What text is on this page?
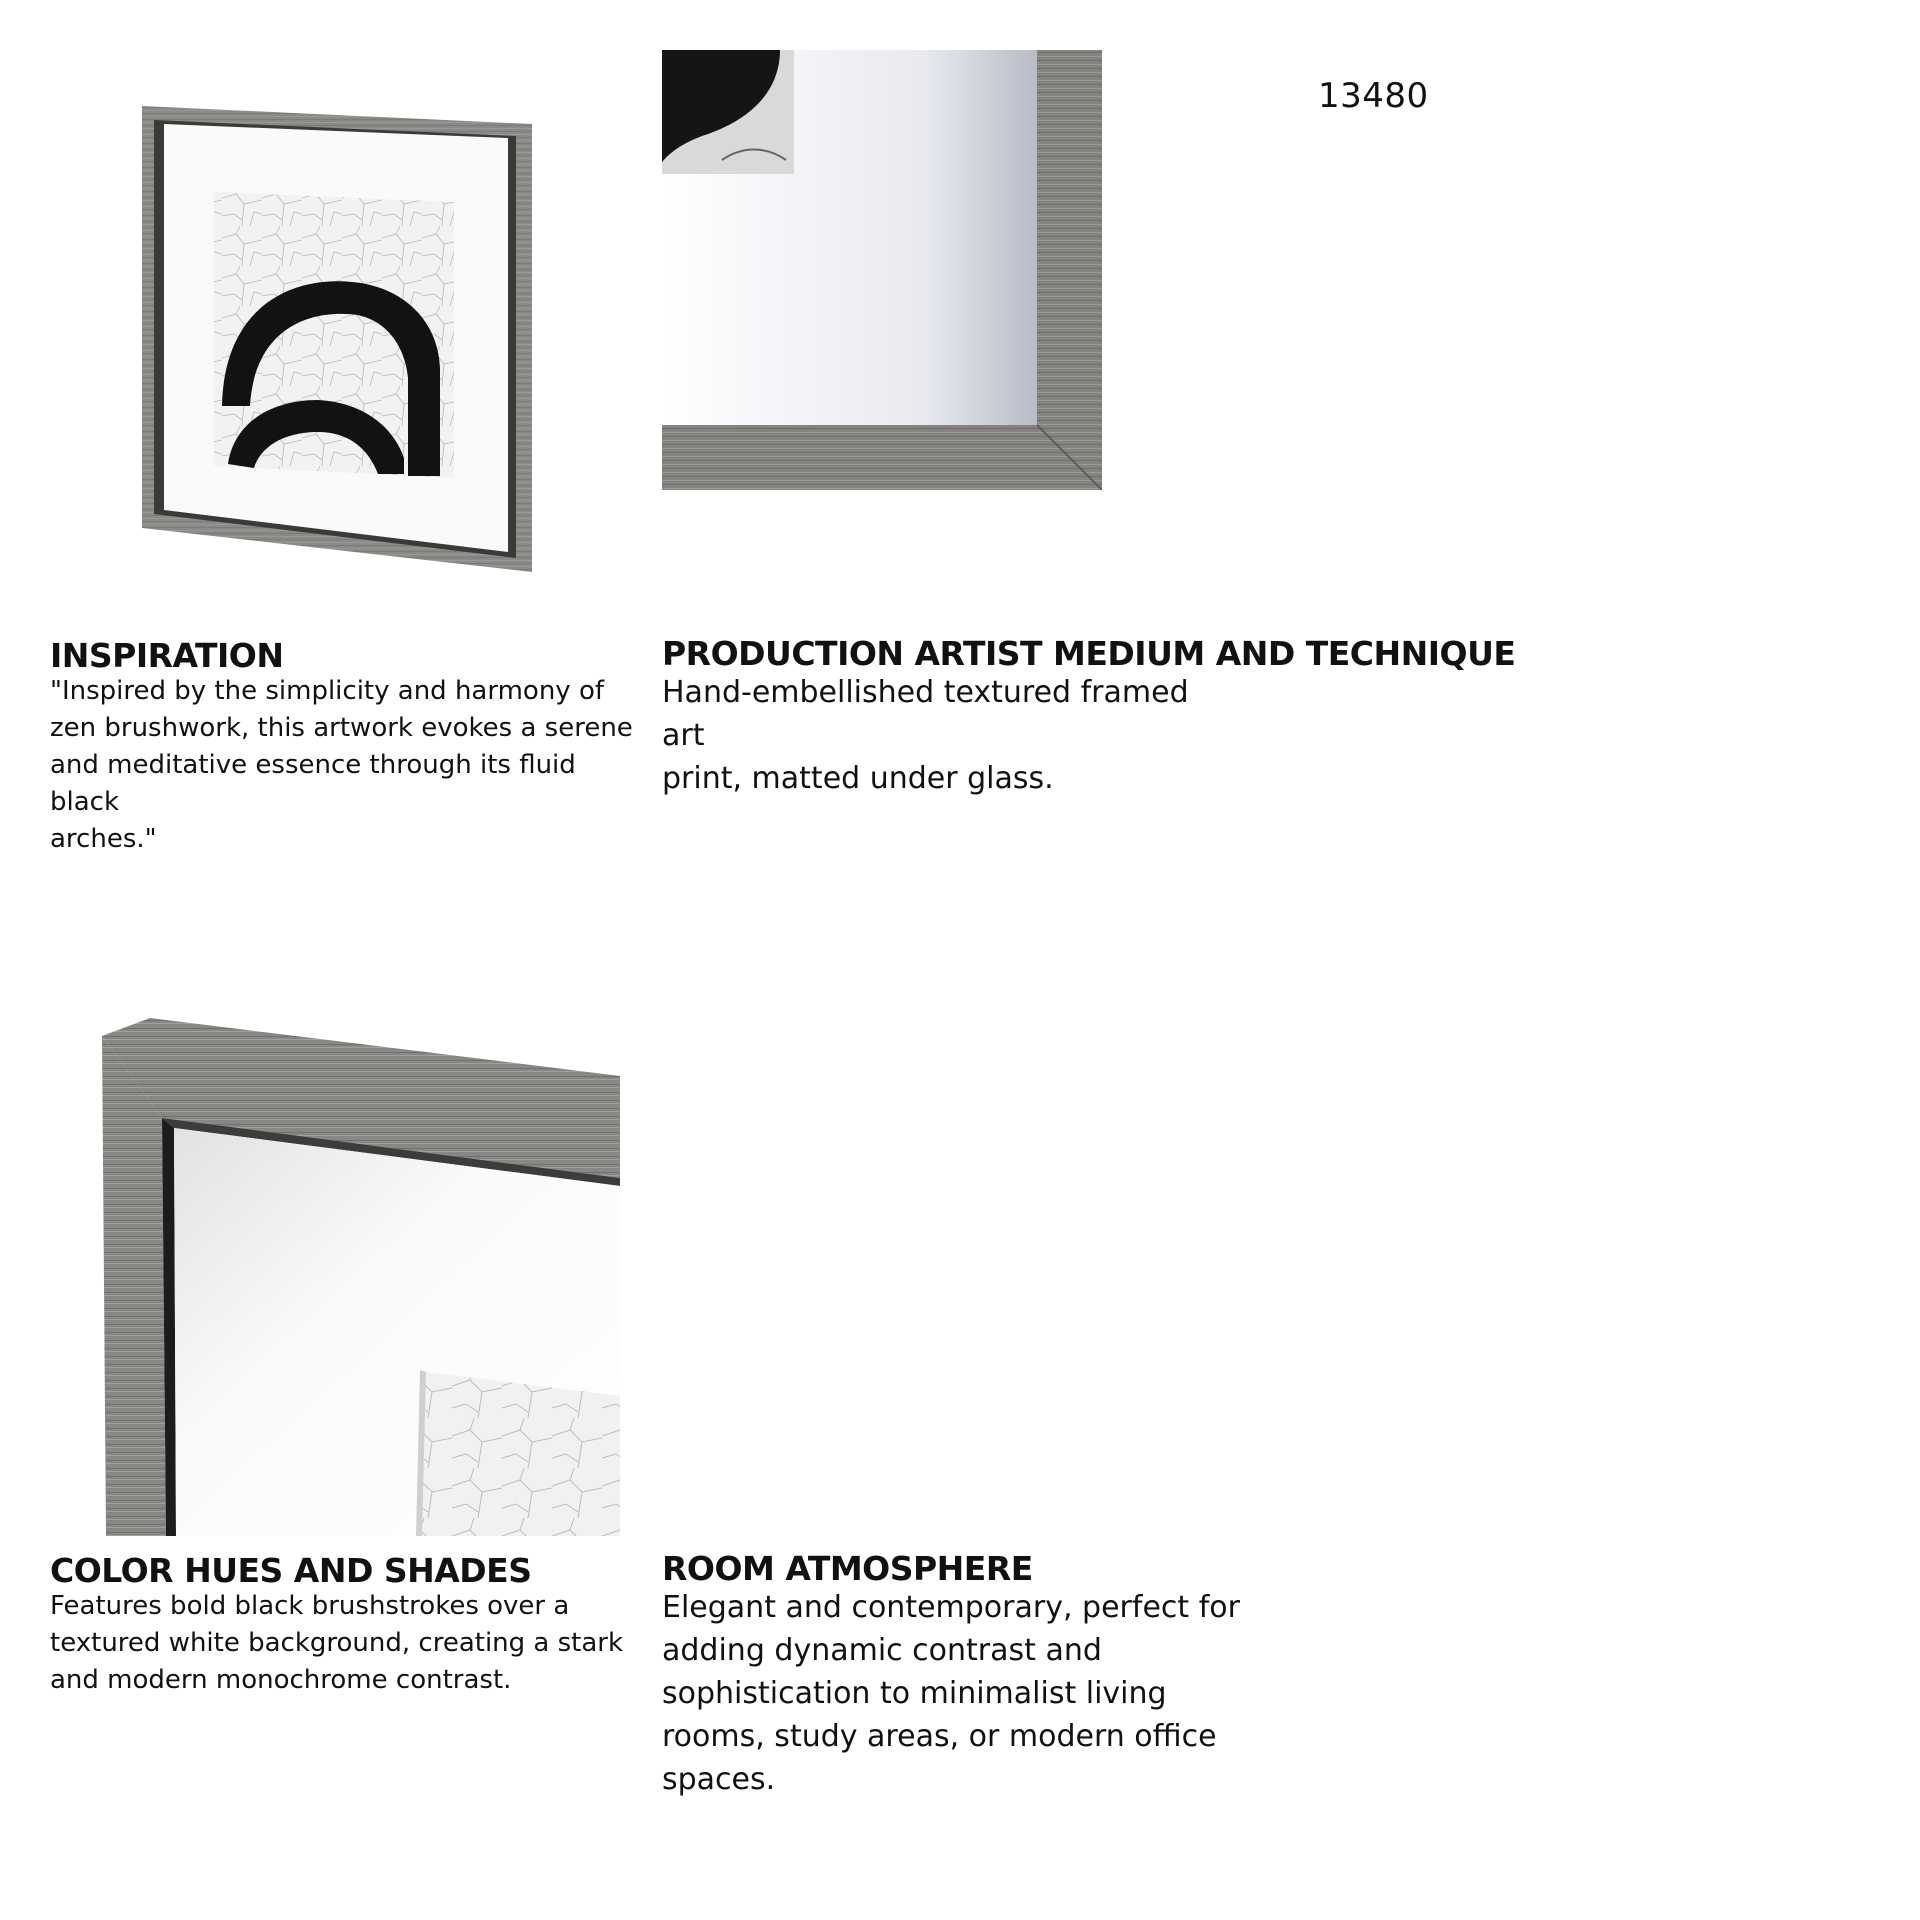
13480
INSPIRATION
"Inspired by the simplicity and harmony of
zen brushwork, this artwork evokes a serene
and meditative essence through its fluid black
arches."
PRODUCTION ARTIST MEDIUM AND TECHNIQUE
Hand-embellished textured framed art
print, matted under glass.
COLOR HUES AND SHADES
Features bold black brushstrokes over a
textured white background, creating a stark
and modern monochrome contrast.
ROOM ATMOSPHERE
Elegant and contemporary, perfect for
adding dynamic contrast and
sophistication to minimalist living
rooms, study areas, or modern office
spaces.
